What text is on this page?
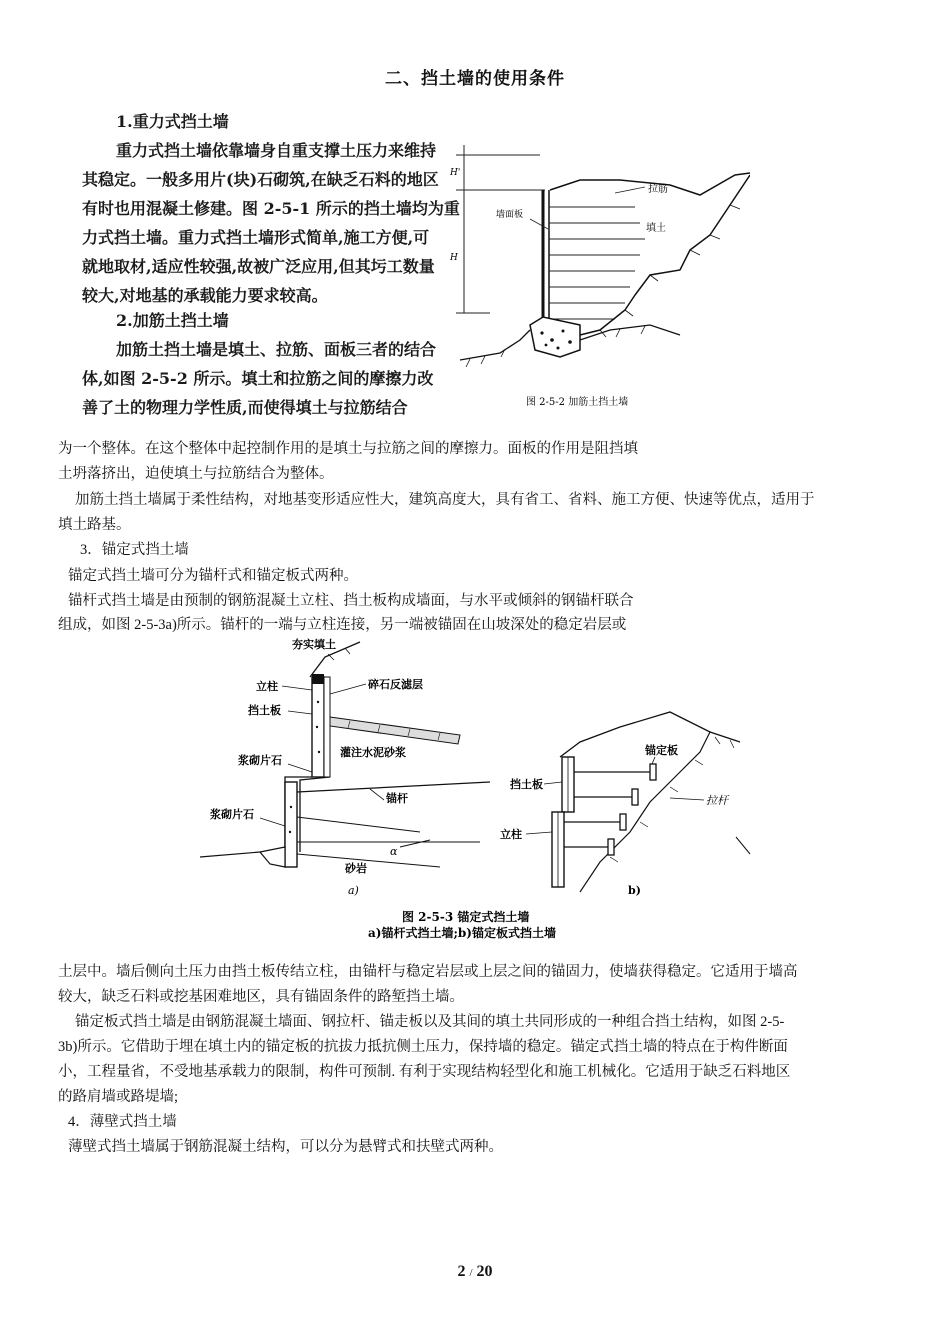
二、挡土墙的使用条件
1.重力式挡土墙
重力式挡土墙依靠墙身自重支撑土压力来维持
其稳定。一般多用片(块)石砌筑,在缺乏石料的地区
有时也用混凝土修建。图 2-5-1 所示的挡土墙均为重
力式挡土墙。重力式挡土墙形式简单,施工方便,可
就地取材,适应性较强,故被广泛应用,但其圬工数量
较大,对地基的承载能力要求较高。
2.加筋土挡土墙
加筋土挡土墙是填土、拉筋、面板三者的结合
体,如图 2-5-2 所示。填土和拉筋之间的摩擦力改
善了土的物理力学性质,而使得填土与拉筋结合
H'
H
拉筋
墙面板
填土
图 2-5-2 加筋土挡土墙
为一个整体。在这个整体中起控制作用的是填土与拉筋之间的摩擦力。面板的作用是阻挡填
土坍落挤出，迫使填土与拉筋结合为整体。
加筋土挡土墙属于柔性结构，对地基变形适应性大，建筑高度大，具有省工、省料、施工方便、快速等优点，适用于
填土路基。
3．锚定式挡土墙
锚定式挡土墙可分为锚杆式和锚定板式两种。
锚杆式挡土墙是由预制的钢筋混凝土立柱、挡土板构成墙面，与水平或倾斜的钢锚杆联合
组成，如图 2-5-3a)所示。锚杆的一端与立柱连接，另一端被锚固在山坡深处的稳定岩层或
α
夯实填土
立柱	碎石反滤层
挡土板
灌注水泥砂浆
浆砌片石
锚杆
浆砌片石
砂岩
a)
锚定板
挡土板
拉杆
立柱
b)
图 2-5-3 锚定式挡土墙
a)锚杆式挡土墙;b)锚定板式挡土墙
土层中。墙后侧向土压力由挡土板传结立柱，由锚杆与稳定岩层或上层之间的锚固力，使墙获得稳定。它适用于墙高
较大，缺乏石料或挖基困难地区，具有锚固条件的路堑挡土墙。
锚定板式挡土墙是由钢筋混凝土墙面、钢拉杆、锚走板以及其间的填土共同形成的一种组合挡土结构，如图 2-5-
3b)所示。它借助于埋在填土内的锚定板的抗拔力抵抗侧土压力，保持墙的稳定。锚定式挡土墙的特点在于构件断面
小，工程量省，不受地基承载力的限制，构件可预制. 有利于实现结构轻型化和施工机械化。它适用于缺乏石料地区
的路肩墙或路堤墙;
4．薄壁式挡土墙
薄壁式挡土墙属于钢筋混凝土结构，可以分为悬臂式和扶壁式两种。
2 / 20
